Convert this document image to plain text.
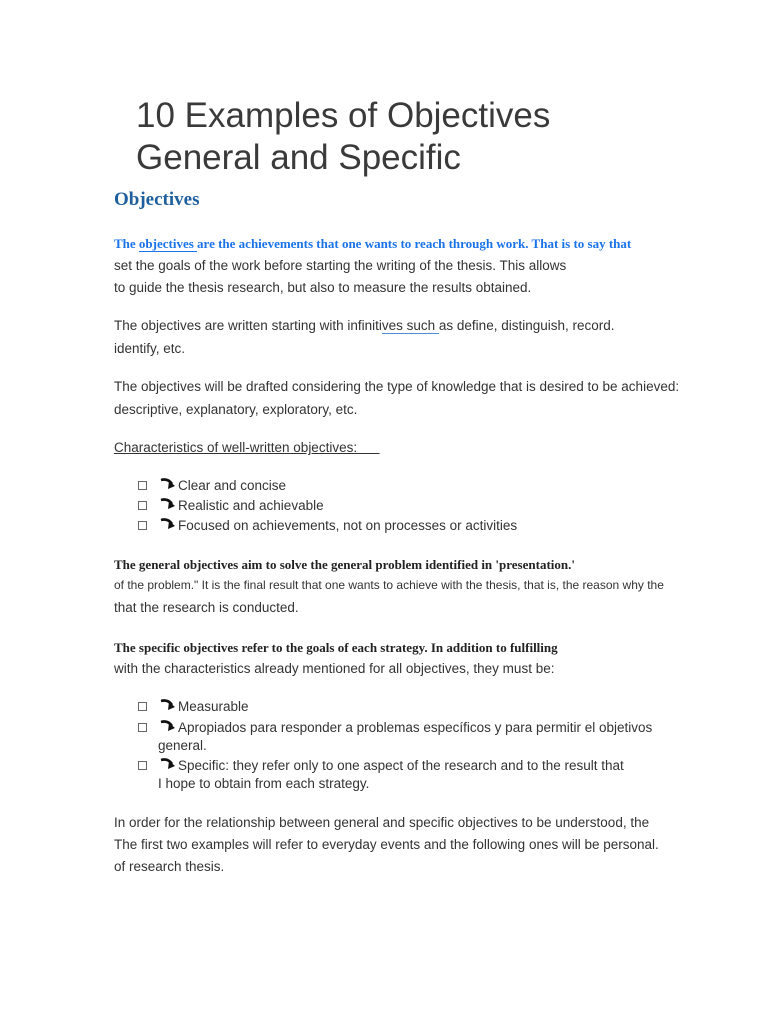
10 Examples of Objectives
General and Specific
Objectives
The objectives are the achievements that one wants to reach through work. That is to say that
set the goals of the work before starting the writing of the thesis. This allows
to guide the thesis research, but also to measure the results obtained.
The objectives are written starting with infinitives such as define, distinguish, record.
identify, etc.
The objectives will be drafted considering the type of knowledge that is desired to be achieved:
descriptive, explanatory, exploratory, etc.
Characteristics of well-written objectives:
Clear and concise
Realistic and achievable
Focused on achievements, not on processes or activities
The general objectives aim to solve the general problem identified in 'presentation.'
of the problem." It is the final result that one wants to achieve with the thesis, that is, the reason why the
that the research is conducted.
The specific objectives refer to the goals of each strategy. In addition to fulfilling
with the characteristics already mentioned for all objectives, they must be:
Measurable
Apropiados para responder a problemas específicos y para permitir el objetivos
general.
Specific: they refer only to one aspect of the research and to the result that
I hope to obtain from each strategy.
In order for the relationship between general and specific objectives to be understood, the
The first two examples will refer to everyday events and the following ones will be personal.
of research thesis.
